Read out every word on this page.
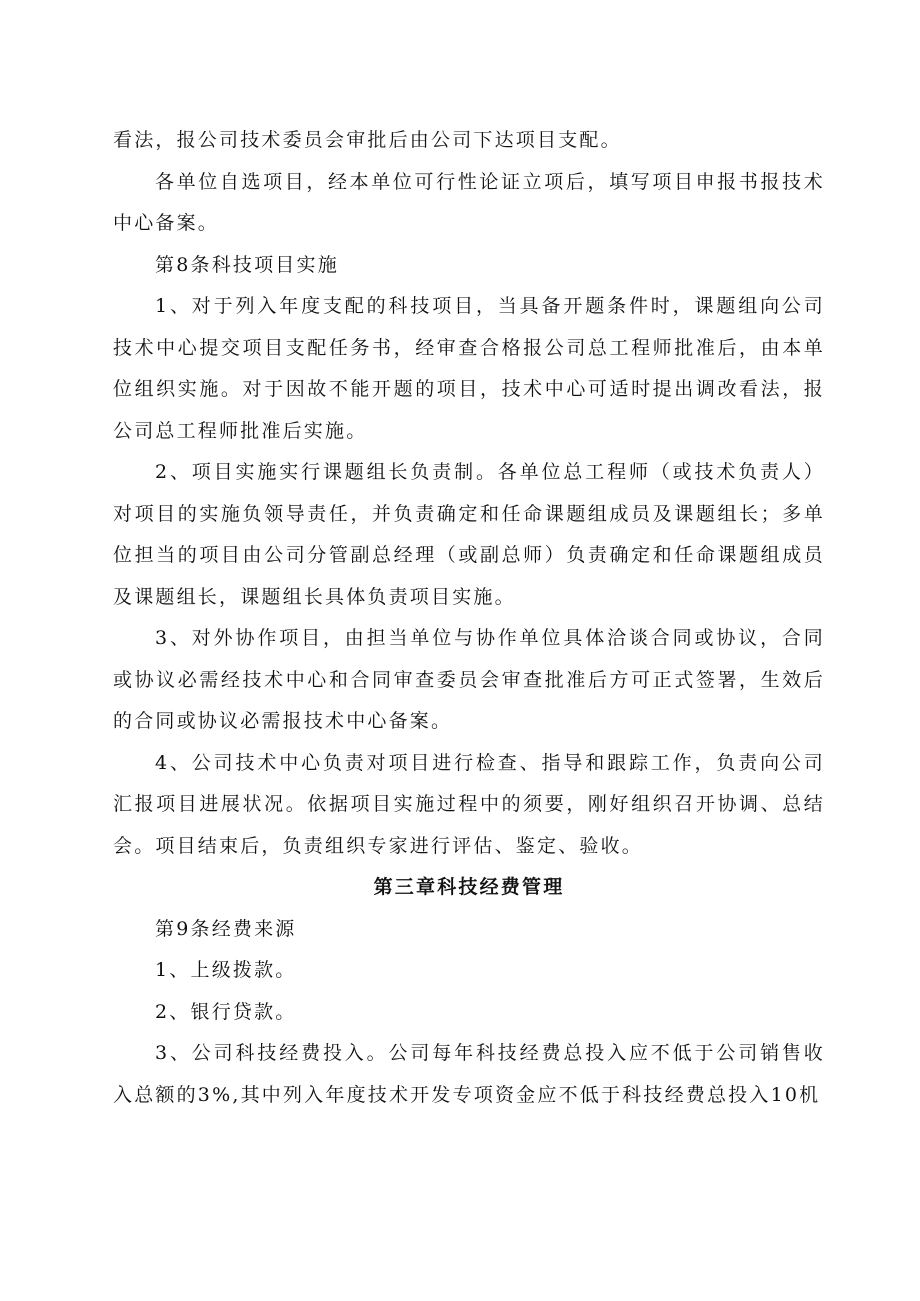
看法，报公司技术委员会审批后由公司下达项目支配。

各单位自选项目，经本单位可行性论证立项后，填写项目申报书报技术中心备案。

第8条科技项目实施

1、对于列入年度支配的科技项目，当具备开题条件时，课题组向公司技术中心提交项目支配任务书，经审查合格报公司总工程师批准后，由本单位组织实施。对于因故不能开题的项目，技术中心可适时提出调改看法，报公司总工程师批准后实施。

2、项目实施实行课题组长负责制。各单位总工程师（或技术负责人）对项目的实施负领导责任，并负责确定和任命课题组成员及课题组长；多单位担当的项目由公司分管副总经理（或副总师）负责确定和任命课题组成员及课题组长，课题组长具体负责项目实施。

3、对外协作项目，由担当单位与协作单位具体洽谈合同或协议，合同或协议必需经技术中心和合同审查委员会审查批准后方可正式签署，生效后的合同或协议必需报技术中心备案。

4、公司技术中心负责对项目进行检查、指导和跟踪工作，负责向公司汇报项目进展状况。依据项目实施过程中的须要，刚好组织召开协调、总结会。项目结束后，负责组织专家进行评估、鉴定、验收。

第三章科技经费管理

第9条经费来源

1、上级拨款。

2、银行贷款。

3、公司科技经费投入。公司每年科技经费总投入应不低于公司销售收入总额的3%,其中列入年度技术开发专项资金应不低于科技经费总投入10机
